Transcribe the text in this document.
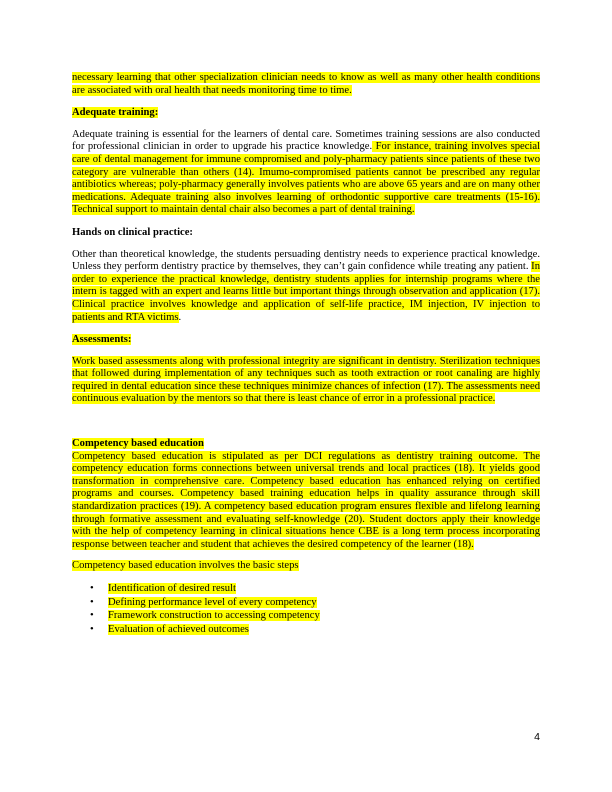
necessary learning that other specialization clinician needs to know as well as many other health conditions are associated with oral health that needs monitoring time to time.

Adequate training:

Adequate training is essential for the learners of dental care. Sometimes training sessions are also conducted for professional clinician in order to upgrade his practice knowledge. For instance, training involves special care of dental management for immune compromised and poly-pharmacy patients since patients of these two category are vulnerable than others (14). Imumo-compromised patients cannot be prescribed any regular antibiotics whereas; poly-pharmacy generally involves patients who are above 65 years and are on many other medications. Adequate training also involves learning of orthodontic supportive care treatments (15-16). Technical support to maintain dental chair also becomes a part of dental training.

Hands on clinical practice:

Other than theoretical knowledge, the students persuading dentistry needs to experience practical knowledge. Unless they perform dentistry practice by themselves, they can’t gain confidence while treating any patient. In order to experience the practical knowledge, dentistry students applies for internship programs where the intern is tagged with an expert and learns little but important things through observation and application (17). Clinical practice involves knowledge and application of self-life practice, IM injection, IV injection to patients and RTA victims.

Assessments:

Work based assessments along with professional integrity are significant in dentistry. Sterilization techniques that followed during implementation of any techniques such as tooth extraction or root canaling are highly required in dental education since these techniques minimize chances of infection (17). The assessments need continuous evaluation by the mentors so that there is least chance of error in a professional practice.

Competency based education

Competency based education is stipulated as per DCI regulations as dentistry training outcome. The competency education forms connections between universal trends and local practices (18). It yields good transformation in comprehensive care. Competency based education has enhanced relying on certified programs and courses. Competency based training education helps in quality assurance through skill standardization practices (19). A competency based education program ensures flexible and lifelong learning through formative assessment and evaluating self-knowledge (20). Student doctors apply their knowledge with the help of competency learning in clinical situations hence CBE is a long term process incorporating response between teacher and student that achieves the desired competency of the learner (18).

Competency based education involves the basic steps

• Identification of desired result
• Defining performance level of every competency
• Framework construction to accessing competency
• Evaluation of achieved outcomes
4
